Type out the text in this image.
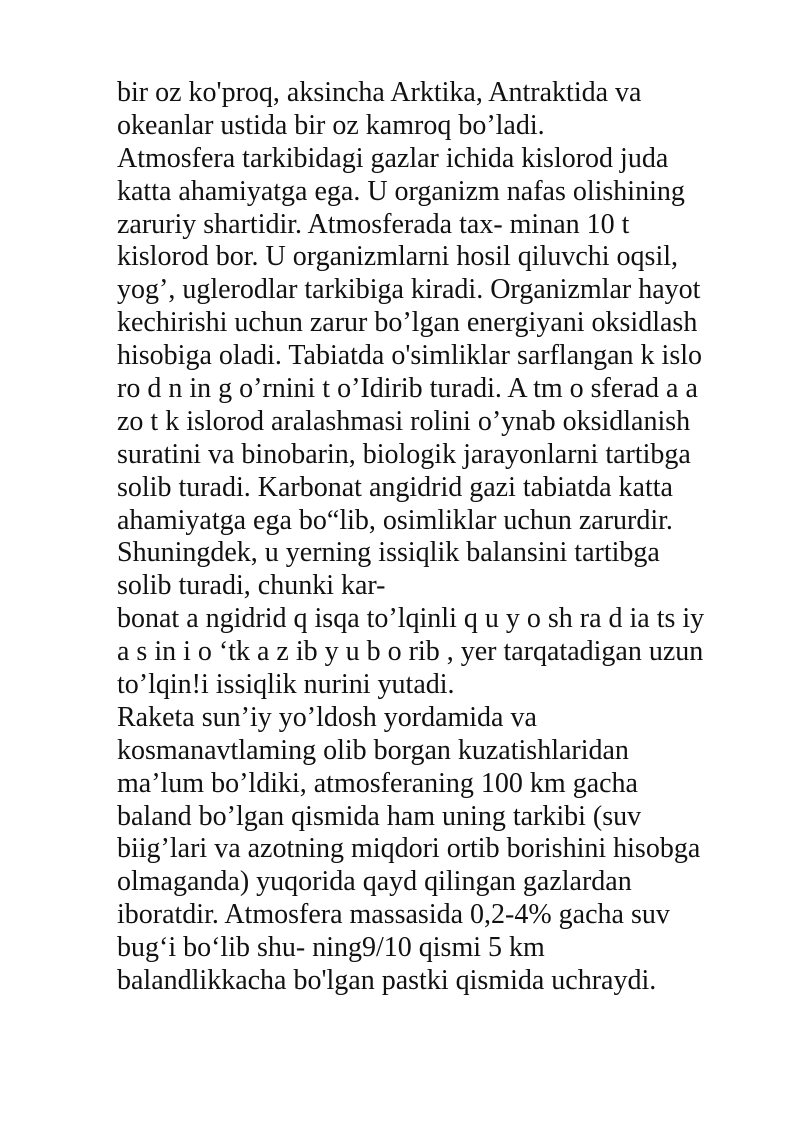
bir oz ko'proq, aksincha Arktika, Antraktida va
okeanlar ustida bir oz kamroq bo’ladi.
Atmosfera tarkibidagi gazlar ichida kislorod juda
katta ahamiyatga ega. U organizm nafas olishining
zaruriy shartidir. Atmosferada tax- minan 10 t
kislorod bor. U organizmlarni hosil qiluvchi oqsil,
yog’, uglerodlar tarkibiga kiradi. Organizmlar hayot
kechirishi uchun zarur bo’lgan energiyani oksidlash
hisobiga oladi. Tabiatda o'simliklar sarflangan k islo
ro d n in g o’rnini t o’Idirib turadi. A tm o sferad a a
zo t k islorod aralashmasi rolini o’ynab oksidlanish
suratini va binobarin, biologik jarayonlarni tartibga
solib turadi. Karbonat angidrid gazi tabiatda katta
ahamiyatga ega bo“lib, osimliklar uchun zarurdir.
Shuningdek, u yerning issiqlik balansini tartibga
solib turadi, chunki kar-
bonat a ngidrid q isqa to’lqinli q u y o sh ra d ia ts iy
a s in i o ‘tk a z ib y u b o rib , yer tarqatadigan uzun
to’lqin!i issiqlik nurini yutadi.
Raketa sun’iy yo’ldosh yordamida va
kosmanavtlaming olib borgan kuzatishlaridan
ma’lum bo’ldiki, atmosferaning 100 km gacha
baland bo’lgan qismida ham uning tarkibi (suv
biig’lari va azotning miqdori ortib borishini hisobga
olmaganda) yuqorida qayd qilingan gazlardan
iboratdir. Atmosfera massasida 0,2-4% gacha suv
bug‘i bo‘lib shu- ning9/10 qismi 5 km
balandlikkacha bo'lgan pastki qismida uchraydi.
